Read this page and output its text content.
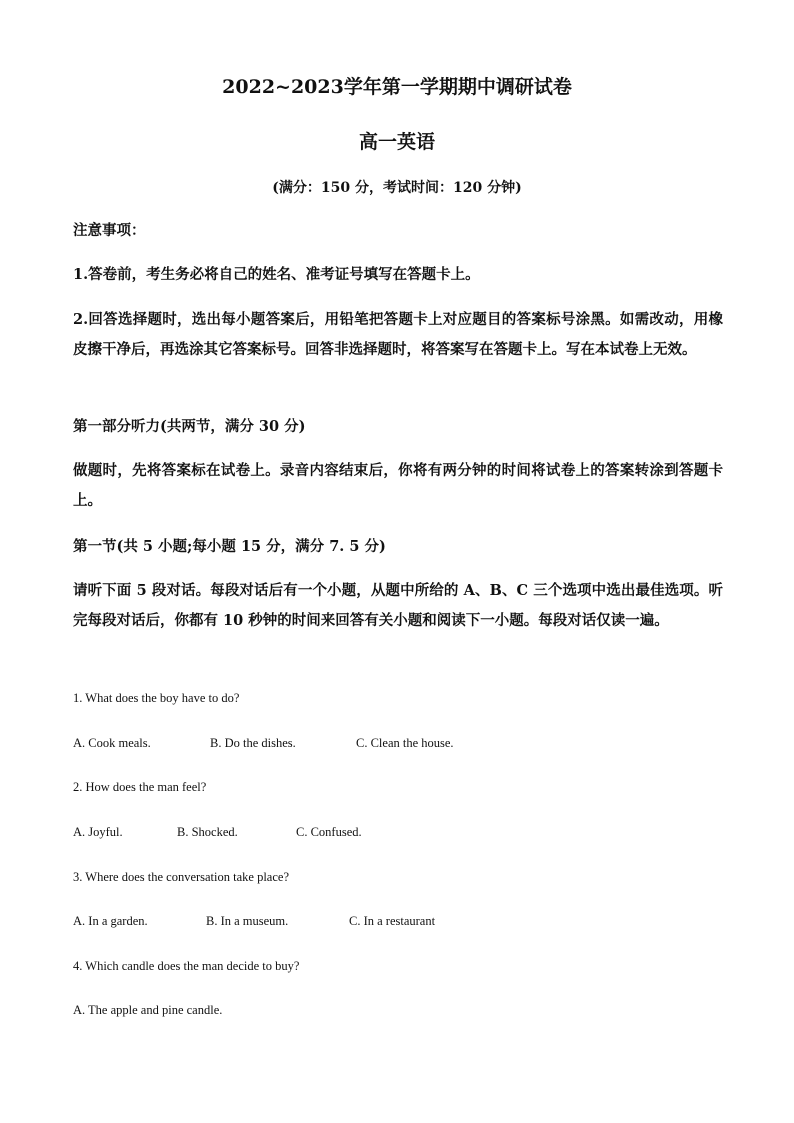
2022~2023学年第一学期期中调研试卷
高一英语
(满分：150 分，考试时间：120 分钟)

注意事项：

1.答卷前，考生务必将自己的姓名、准考证号填写在答题卡上。

2.回答选择题时，选出每小题答案后，用铅笔把答题卡上对应题目的答案标号涂黑。如需改动，用橡皮擦干净后，再选涂其它答案标号。回答非选择题时，将答案写在答题卡上。写在本试卷上无效。

第一部分听力(共两节，满分 30 分)

做题时，先将答案标在试卷上。录音内容结束后，你将有两分钟的时间将试卷上的答案转涂到答题卡上。

第一节(共 5 小题;每小题 15 分，满分 7. 5 分)

请听下面 5 段对话。每段对话后有一个小题，从题中所给的 A、B、C 三个选项中选出最佳选项。听完每段对话后，你都有 10 秒钟的时间来回答有关小题和阅读下一小题。每段对话仅读一遍。

1. What does the boy have to do?

A. Cook meals.	B. Do the dishes.	C. Clean the house.

2. How does the man feel?

A. Joyful.	B. Shocked.	C. Confused.

3. Where does the conversation take place?

A. In a garden.	B. In a museum.	C. In a restaurant

4. Which candle does the man decide to buy?

A. The apple and pine candle.
